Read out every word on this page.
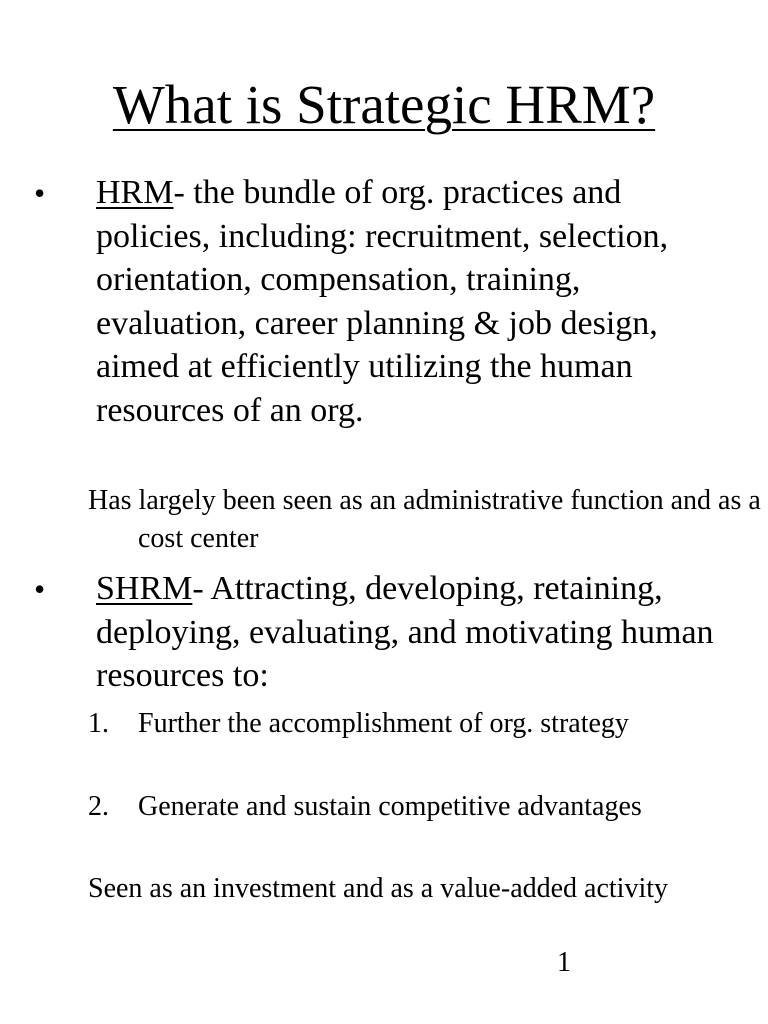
What is Strategic HRM?
• HRM- the bundle of org. practices and policies, including: recruitment, selection, orientation, compensation, training, evaluation, career planning & job design, aimed at efficiently utilizing the human resources of an org.

Has largely been seen as an administrative function and as a cost center

• SHRM- Attracting, developing, retaining, deploying, evaluating, and motivating human resources to:

1.	Further the accomplishment of org. strategy
2.	Generate and sustain competitive advantages

Seen as an investment and as a value-added activity

1
